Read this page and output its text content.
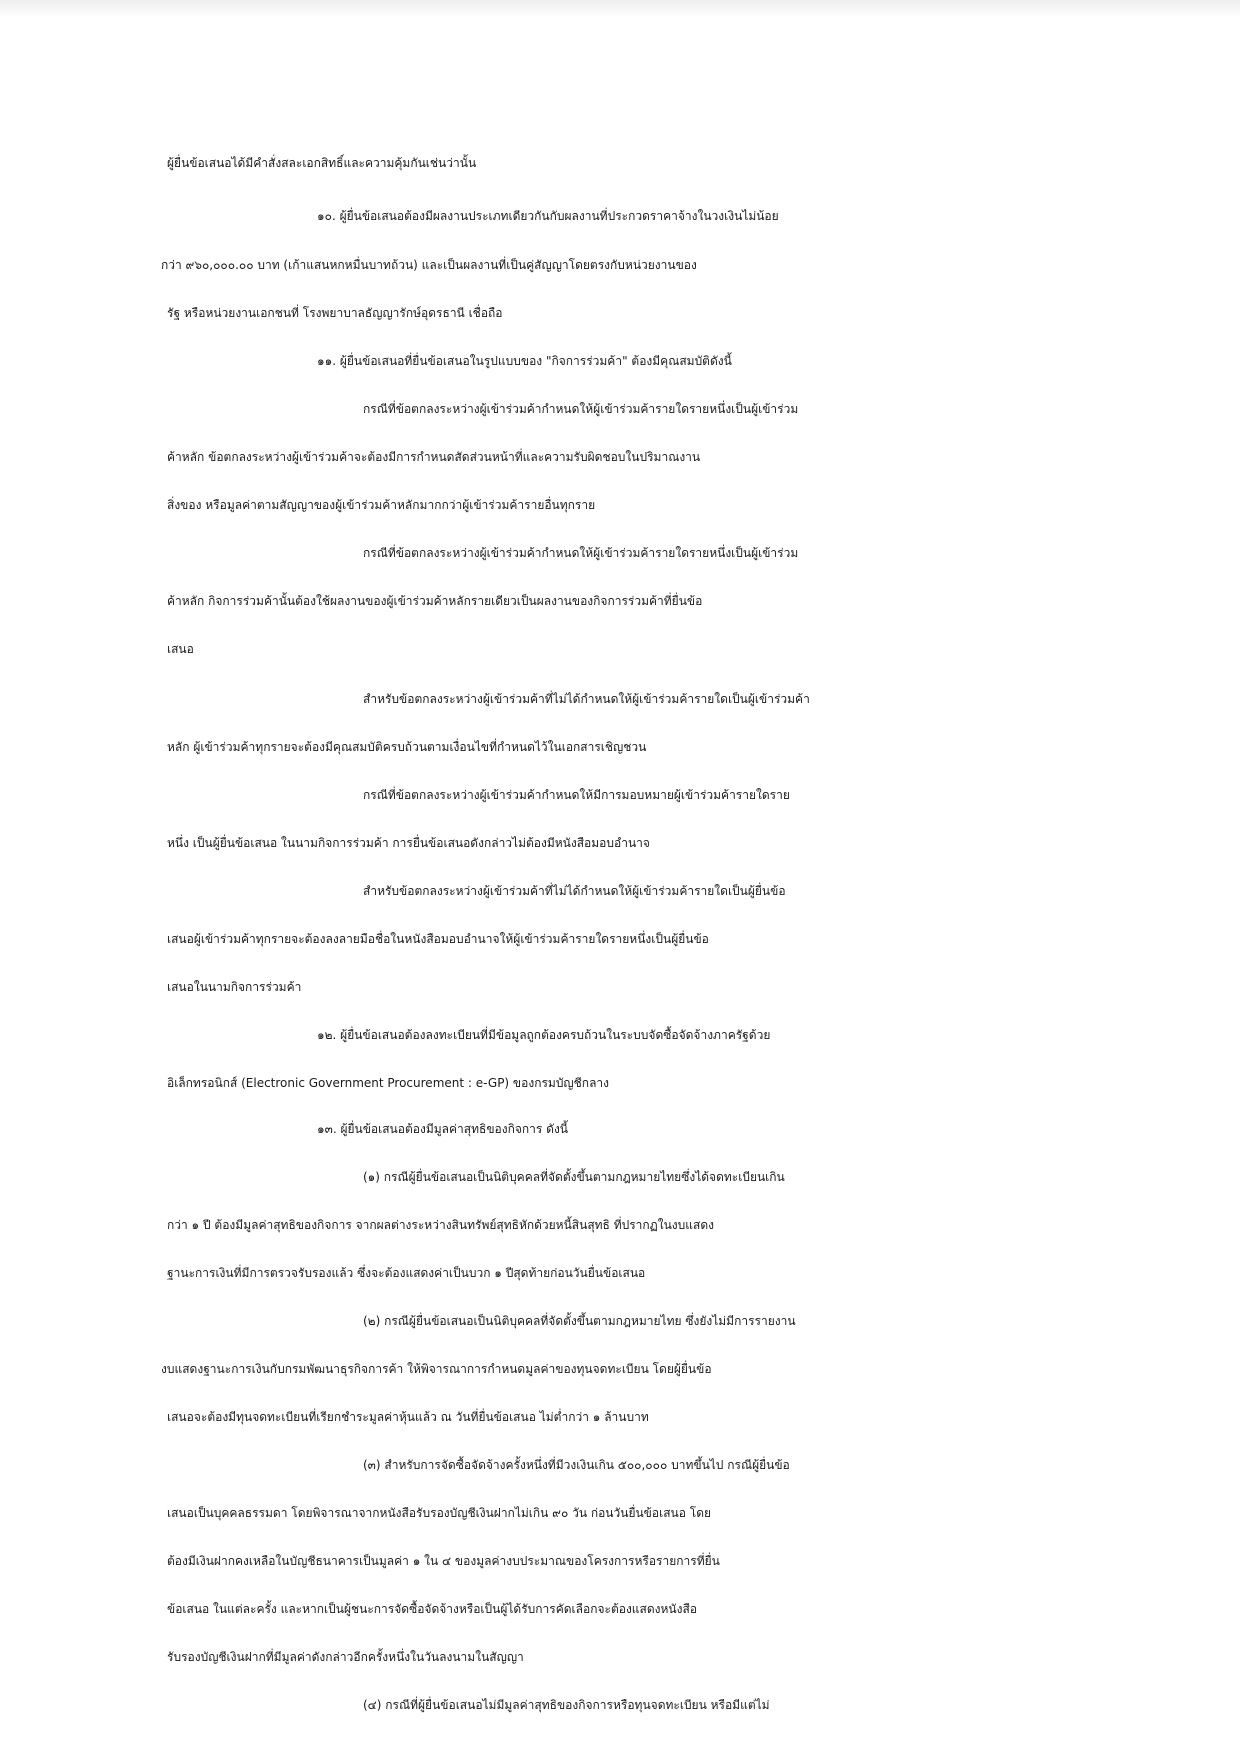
ผู้ยื่นข้อเสนอได้มีคำสั่งสละเอกสิทธิ์และความคุ้มกันเช่นว่านั้น
๑๐. ผู้ยื่นข้อเสนอต้องมีผลงานประเภทเดียวกันกับผลงานที่ประกวดราคาจ้างในวงเงินไม่น้อย
กว่า ๙๖๐,๐๐๐.๐๐ บาท (เก้าแสนหกหมื่นบาทถ้วน) และเป็นผลงานที่เป็นคู่สัญญาโดยตรงกับหน่วยงานของ
รัฐ หรือหน่วยงานเอกชนที่ โรงพยาบาลธัญญารักษ์อุดรธานี เชื่อถือ
๑๑. ผู้ยื่นข้อเสนอที่ยื่นข้อเสนอในรูปแบบของ "กิจการร่วมค้า" ต้องมีคุณสมบัติดังนี้
กรณีที่ข้อตกลงระหว่างผู้เข้าร่วมค้ากำหนดให้ผู้เข้าร่วมค้ารายใดรายหนึ่งเป็นผู้เข้าร่วม
ค้าหลัก ข้อตกลงระหว่างผู้เข้าร่วมค้าจะต้องมีการกำหนดสัดส่วนหน้าที่และความรับผิดชอบในปริมาณงาน
สิ่งของ หรือมูลค่าตามสัญญาของผู้เข้าร่วมค้าหลักมากกว่าผู้เข้าร่วมค้ารายอื่นทุกราย
กรณีที่ข้อตกลงระหว่างผู้เข้าร่วมค้ากำหนดให้ผู้เข้าร่วมค้ารายใดรายหนึ่งเป็นผู้เข้าร่วม
ค้าหลัก กิจการร่วมค้านั้นต้องใช้ผลงานของผู้เข้าร่วมค้าหลักรายเดียวเป็นผลงานของกิจการร่วมค้าที่ยื่นข้อ
เสนอ
สำหรับข้อตกลงระหว่างผู้เข้าร่วมค้าที่ไม่ได้กำหนดให้ผู้เข้าร่วมค้ารายใดเป็นผู้เข้าร่วมค้า
หลัก ผู้เข้าร่วมค้าทุกรายจะต้องมีคุณสมบัติครบถ้วนตามเงื่อนไขที่กำหนดไว้ในเอกสารเชิญชวน
กรณีที่ข้อตกลงระหว่างผู้เข้าร่วมค้ากำหนดให้มีการมอบหมายผู้เข้าร่วมค้ารายใดราย
หนึ่ง เป็นผู้ยื่นข้อเสนอ ในนามกิจการร่วมค้า การยื่นข้อเสนอดังกล่าวไม่ต้องมีหนังสือมอบอำนาจ
สำหรับข้อตกลงระหว่างผู้เข้าร่วมค้าที่ไม่ได้กำหนดให้ผู้เข้าร่วมค้ารายใดเป็นผู้ยื่นข้อ
เสนอผู้เข้าร่วมค้าทุกรายจะต้องลงลายมือชื่อในหนังสือมอบอำนาจให้ผู้เข้าร่วมค้ารายใดรายหนึ่งเป็นผู้ยื่นข้อ
เสนอในนามกิจการร่วมค้า
๑๒. ผู้ยื่นข้อเสนอต้องลงทะเบียนที่มีข้อมูลถูกต้องครบถ้วนในระบบจัดซื้อจัดจ้างภาครัฐด้วย
อิเล็กทรอนิกส์ (Electronic Government Procurement : e-GP) ของกรมบัญชีกลาง
๑๓. ผู้ยื่นข้อเสนอต้องมีมูลค่าสุทธิของกิจการ ดังนี้
(๑) กรณีผู้ยื่นข้อเสนอเป็นนิติบุคคลที่จัดตั้งขึ้นตามกฎหมายไทยซึ่งได้จดทะเบียนเกิน
กว่า ๑ ปี ต้องมีมูลค่าสุทธิของกิจการ จากผลต่างระหว่างสินทรัพย์สุทธิหักด้วยหนี้สินสุทธิ ที่ปรากฏในงบแสดง
ฐานะการเงินที่มีการตรวจรับรองแล้ว ซึ่งจะต้องแสดงค่าเป็นบวก ๑ ปีสุดท้ายก่อนวันยื่นข้อเสนอ
(๒) กรณีผู้ยื่นข้อเสนอเป็นนิติบุคคลที่จัดตั้งขึ้นตามกฎหมายไทย ซึ่งยังไม่มีการรายงาน
งบแสดงฐานะการเงินกับกรมพัฒนาธุรกิจการค้า ให้พิจารณาการกำหนดมูลค่าของทุนจดทะเบียน โดยผู้ยื่นข้อ
เสนอจะต้องมีทุนจดทะเบียนที่เรียกชำระมูลค่าหุ้นแล้ว ณ วันที่ยื่นข้อเสนอ ไม่ต่ำกว่า ๑ ล้านบาท
(๓) สำหรับการจัดซื้อจัดจ้างครั้งหนึ่งที่มีวงเงินเกิน ๕๐๐,๐๐๐ บาทขึ้นไป กรณีผู้ยื่นข้อ
เสนอเป็นบุคคลธรรมดา โดยพิจารณาจากหนังสือรับรองบัญชีเงินฝากไม่เกิน ๙๐ วัน ก่อนวันยื่นข้อเสนอ โดย
ต้องมีเงินฝากคงเหลือในบัญชีธนาคารเป็นมูลค่า ๑ ใน ๔ ของมูลค่างบประมาณของโครงการหรือรายการที่ยื่น
ข้อเสนอ ในแต่ละครั้ง และหากเป็นผู้ชนะการจัดซื้อจัดจ้างหรือเป็นผู้ได้รับการคัดเลือกจะต้องแสดงหนังสือ
รับรองบัญชีเงินฝากที่มีมูลค่าดังกล่าวอีกครั้งหนึ่งในวันลงนามในสัญญา
(๔) กรณีที่ผู้ยื่นข้อเสนอไม่มีมูลค่าสุทธิของกิจการหรือทุนจดทะเบียน หรือมีแต่ไม่
